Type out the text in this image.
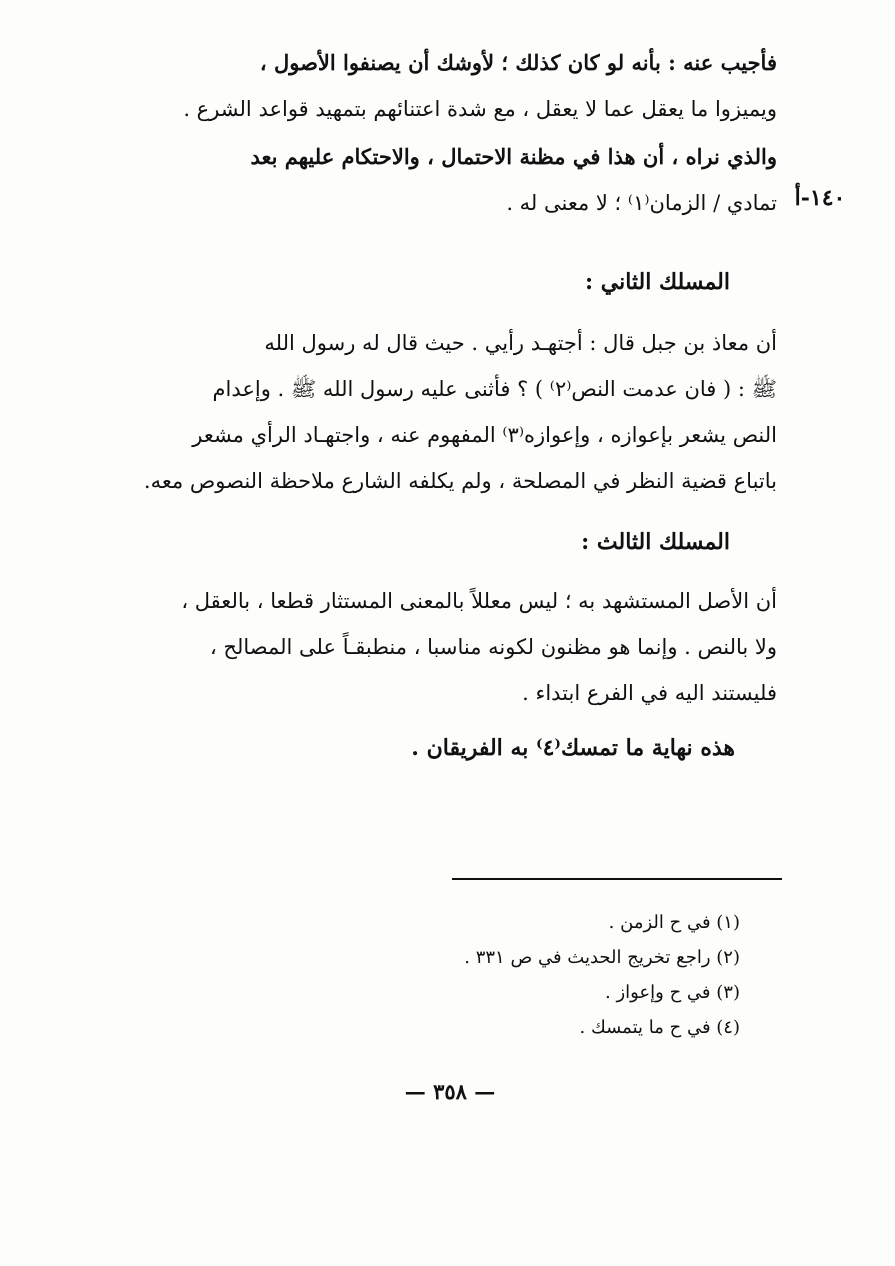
فأجيب عنه : بأنه لو كان كذلك ؛ لأوشك أن يصنفوا الأصول ،

ويميزوا ما يعقل عما لا يعقل ، مع شدة اعتنائهم بتمهيد قواعد الشرع .

والذي نراه ، أن هذا في مظنة الاحتمال ، والاحتكام عليهم بعد

تمادي / الزمان⁽١⁾ ؛ لا معنى له . ١٤٠-أ
المسلك الثاني :

أن معاذ بن جبل قال : أجتهـد رأيي . حيث قال له رسول الله

ﷺ : ( فان عدمت النص⁽٢⁾ ) ؟ فأثنى عليه رسول الله ﷺ . وإعدام

النص يشعر بإعوازه ، وإعوازه⁽٣⁾ المفهوم عنه ، واجتهـاد الرأي مشعر

باتباع قضية النظر في المصلحة ، ولم يكلفه الشارع ملاحظة النصوص معه.

المسلك الثالث :

أن الأصل المستشهد به ؛ ليس معللاً بالمعنى المستثار قطعا ، بالعقل ،

ولا بالنص . وإنما هو مظنون لكونه مناسبا ، منطبقـاً على المصالح ،

فليستند اليه في الفرع ابتداء .

هذه نهاية ما تمسك⁽٤⁾ به الفريقان .

(١) في ح الزمن .

(٢) راجع تخريج الحديث في ص ٣٣١ .

(٣) في ح وإعواز .

(٤) في ح ما يتمسك .

— ٣٥٨ —
